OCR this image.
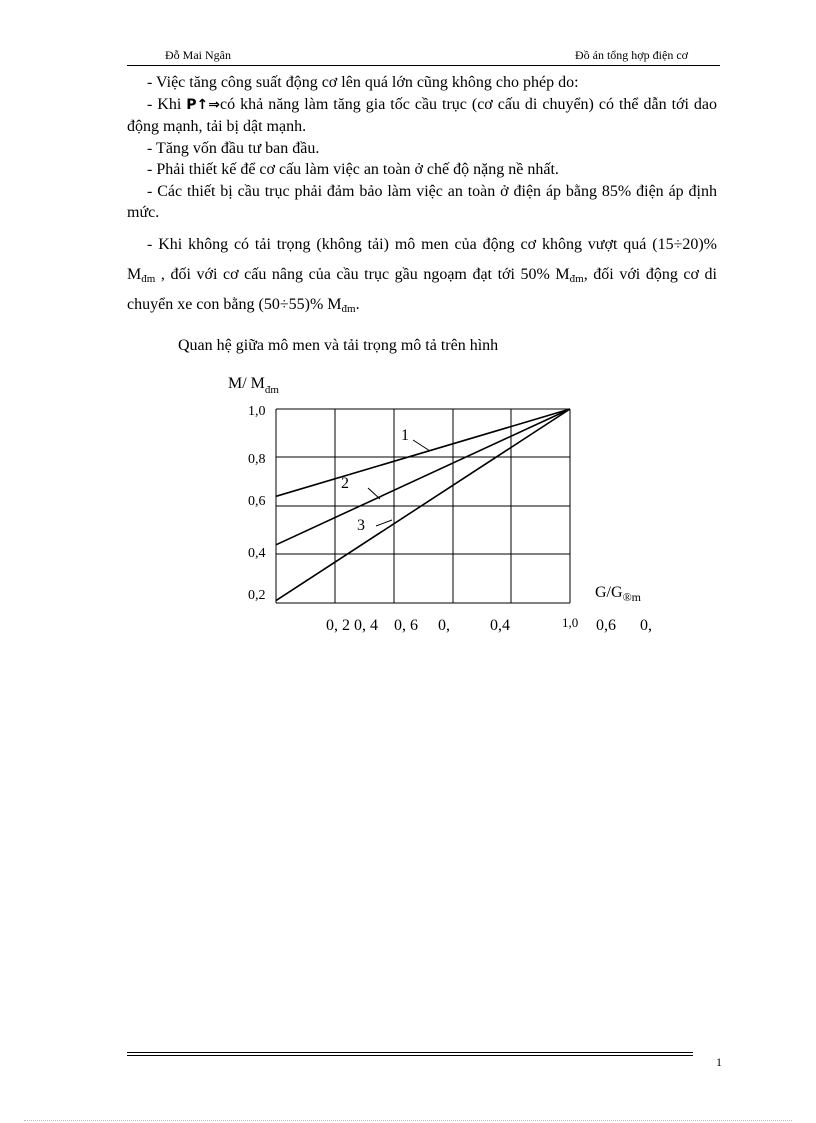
Đỗ Mai Ngân	Đồ án tổng hợp điện cơ

- Việc tăng công suất động cơ lên quá lớn cũng không cho phép do:

- Khi P↑⇒có khả năng làm tăng gia tốc cầu trục (cơ cấu di chuyển) có thể dẫn tới dao động mạnh, tải bị dật mạnh.

- Tăng vốn đầu tư ban đầu.

- Phải thiết kế để cơ cấu làm việc an toàn ở chế độ nặng nề nhất.

- Các thiết bị cầu trục phải đảm bảo làm việc an toàn ở điện áp bằng 85% điện áp định mức.

- Khi không có tải trọng (không tải) mô men của động cơ không vượt quá (15÷20)% $M_{đm}$ , đối với cơ cấu nâng của cầu trục gầu ngoạm đạt tới 50% $M_{đm}$, đối với động cơ di chuyển xe con bằng (50÷55)% $M_{đm}$.

Quan hệ giữa mô men và tải trọng mô tả trên hình
1,0
0,8
0,6
0,4
0,2
M/ $M_{đm}$
$G/G_{®m}$
1,0
0, 2 0, 4    0, 6     0,          0,4	0,6      0,
1
2
3
1
